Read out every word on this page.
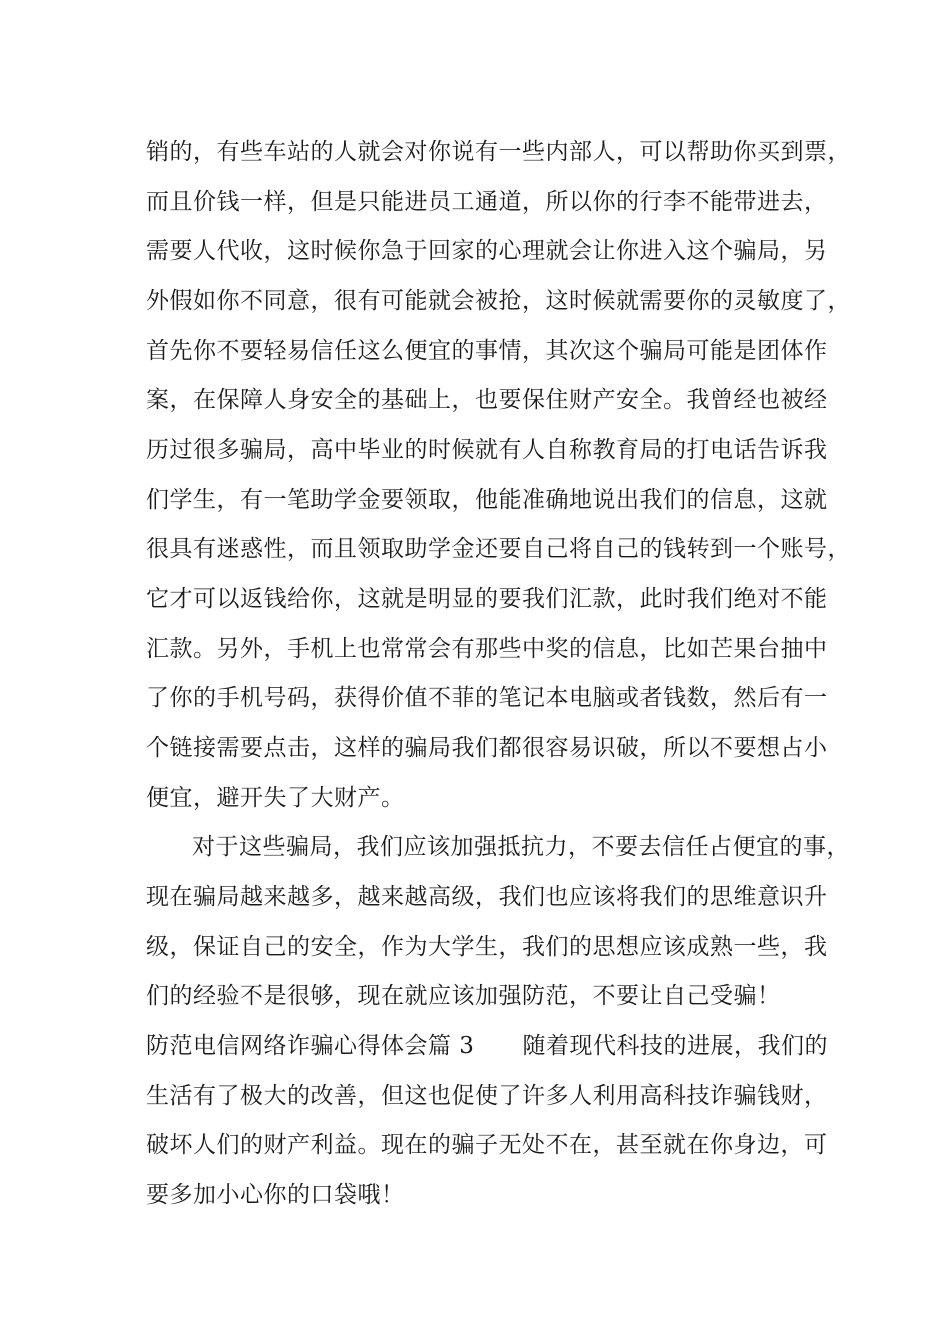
销的，有些车站的人就会对你说有一些内部人，可以帮助你买到票，
而且价钱一样，但是只能进员工通道，所以你的行李不能带进去，
需要人代收，这时候你急于回家的心理就会让你进入这个骗局，另
外假如你不同意，很有可能就会被抢，这时候就需要你的灵敏度了，
首先你不要轻易信任这么便宜的事情，其次这个骗局可能是团体作
案，在保障人身安全的基础上，也要保住财产安全。我曾经也被经
历过很多骗局，高中毕业的时候就有人自称教育局的打电话告诉我
们学生，有一笔助学金要领取，他能准确地说出我们的信息，这就
很具有迷惑性，而且领取助学金还要自己将自己的钱转到一个账号，
它才可以返钱给你，这就是明显的要我们汇款，此时我们绝对不能
汇款。另外，手机上也常常会有那些中奖的信息，比如芒果台抽中
了你的手机号码，获得价值不菲的笔记本电脑或者钱数，然后有一
个链接需要点击，这样的骗局我们都很容易识破，所以不要想占小
便宜，避开失了大财产。
对于这些骗局，我们应该加强抵抗力，不要去信任占便宜的事，
现在骗局越来越多，越来越高级，我们也应该将我们的思维意识升
级，保证自己的安全，作为大学生，我们的思想应该成熟一些，我
们的经验不是很够，现在就应该加强防范，不要让自己受骗！
防范电信网络诈骗心得体会篇 3 随着现代科技的进展，我们的
生活有了极大的改善，但这也促使了许多人利用高科技诈骗钱财，
破坏人们的财产利益。现在的骗子无处不在，甚至就在你身边，可
要多加小心你的口袋哦！
